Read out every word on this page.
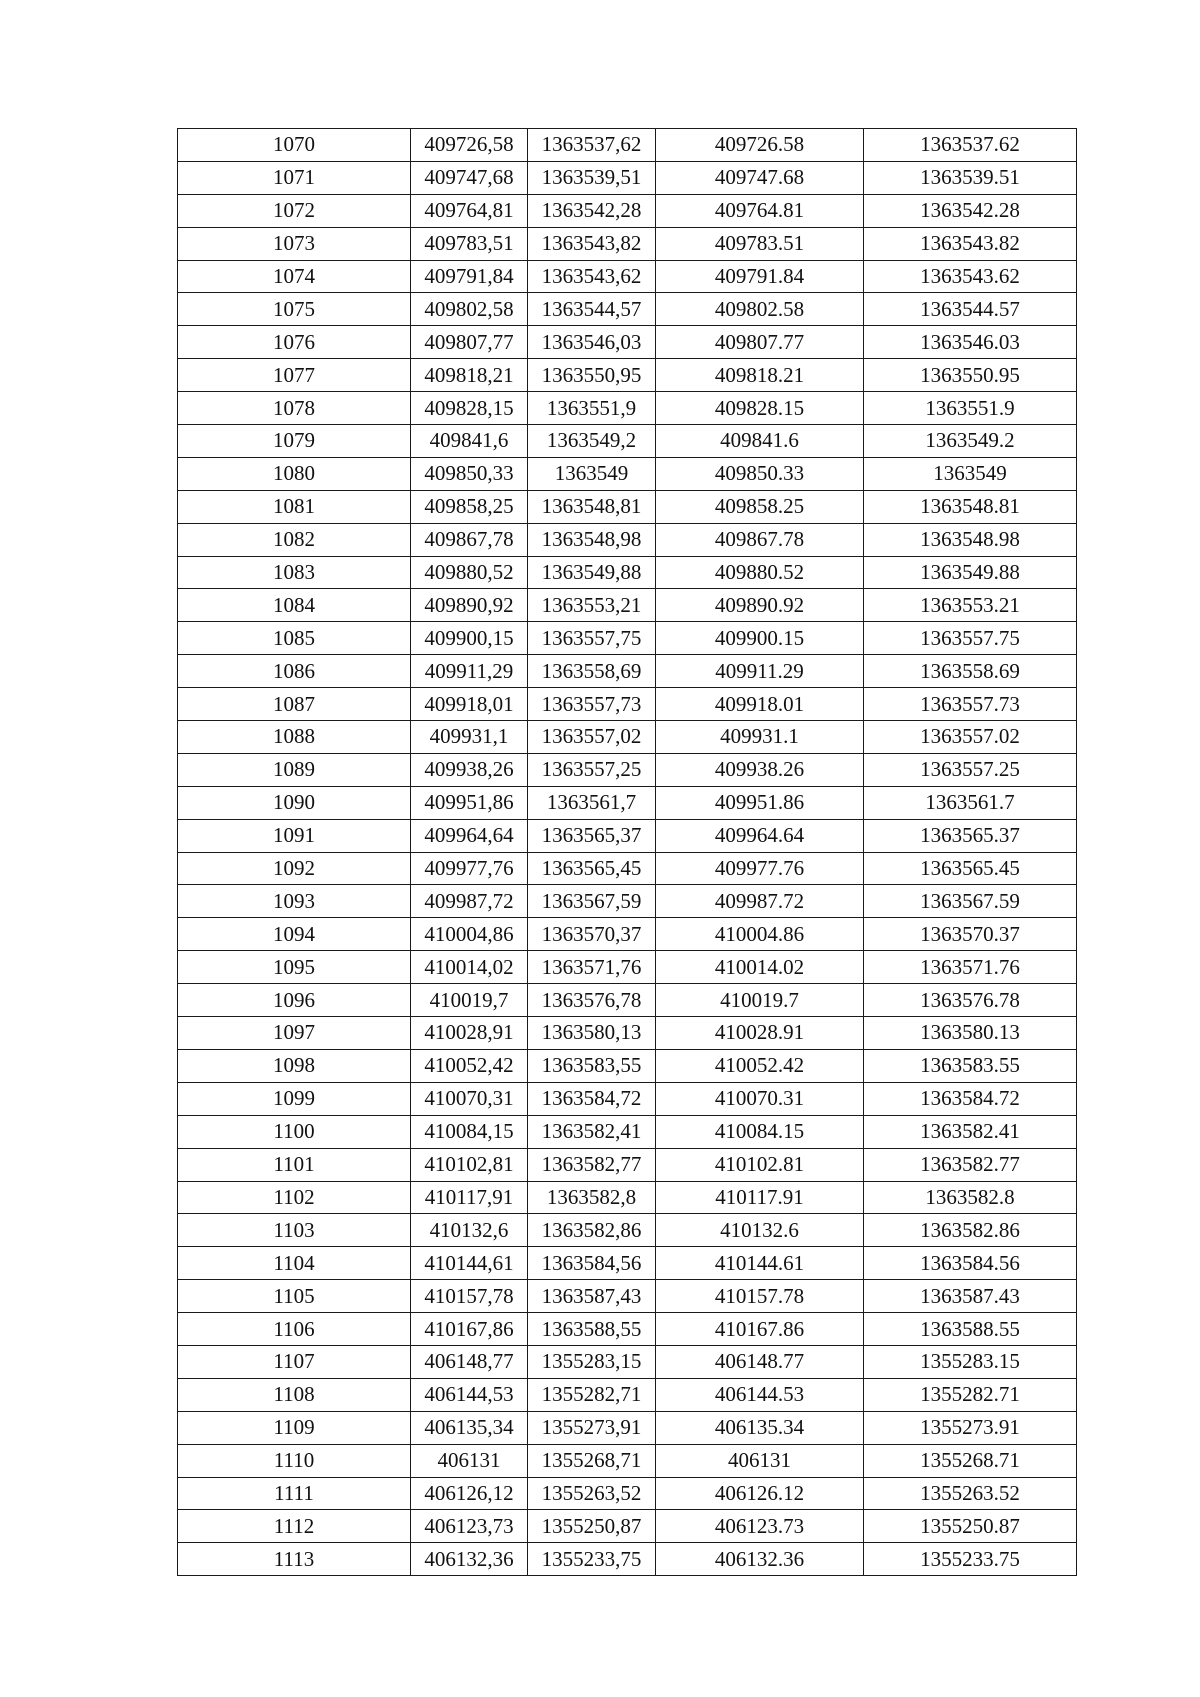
1070	409726,58	1363537,62	409726.58	1363537.62
1071	409747,68	1363539,51	409747.68	1363539.51
1072	409764,81	1363542,28	409764.81	1363542.28
1073	409783,51	1363543,82	409783.51	1363543.82
1074	409791,84	1363543,62	409791.84	1363543.62
1075	409802,58	1363544,57	409802.58	1363544.57
1076	409807,77	1363546,03	409807.77	1363546.03
1077	409818,21	1363550,95	409818.21	1363550.95
1078	409828,15	1363551,9	409828.15	1363551.9
1079	409841,6	1363549,2	409841.6	1363549.2
1080	409850,33	1363549	409850.33	1363549
1081	409858,25	1363548,81	409858.25	1363548.81
1082	409867,78	1363548,98	409867.78	1363548.98
1083	409880,52	1363549,88	409880.52	1363549.88
1084	409890,92	1363553,21	409890.92	1363553.21
1085	409900,15	1363557,75	409900.15	1363557.75
1086	409911,29	1363558,69	409911.29	1363558.69
1087	409918,01	1363557,73	409918.01	1363557.73
1088	409931,1	1363557,02	409931.1	1363557.02
1089	409938,26	1363557,25	409938.26	1363557.25
1090	409951,86	1363561,7	409951.86	1363561.7
1091	409964,64	1363565,37	409964.64	1363565.37
1092	409977,76	1363565,45	409977.76	1363565.45
1093	409987,72	1363567,59	409987.72	1363567.59
1094	410004,86	1363570,37	410004.86	1363570.37
1095	410014,02	1363571,76	410014.02	1363571.76
1096	410019,7	1363576,78	410019.7	1363576.78
1097	410028,91	1363580,13	410028.91	1363580.13
1098	410052,42	1363583,55	410052.42	1363583.55
1099	410070,31	1363584,72	410070.31	1363584.72
1100	410084,15	1363582,41	410084.15	1363582.41
1101	410102,81	1363582,77	410102.81	1363582.77
1102	410117,91	1363582,8	410117.91	1363582.8
1103	410132,6	1363582,86	410132.6	1363582.86
1104	410144,61	1363584,56	410144.61	1363584.56
1105	410157,78	1363587,43	410157.78	1363587.43
1106	410167,86	1363588,55	410167.86	1363588.55
1107	406148,77	1355283,15	406148.77	1355283.15
1108	406144,53	1355282,71	406144.53	1355282.71
1109	406135,34	1355273,91	406135.34	1355273.91
1110	406131	1355268,71	406131	1355268.71
1111	406126,12	1355263,52	406126.12	1355263.52
1112	406123,73	1355250,87	406123.73	1355250.87
1113	406132,36	1355233,75	406132.36	1355233.75
